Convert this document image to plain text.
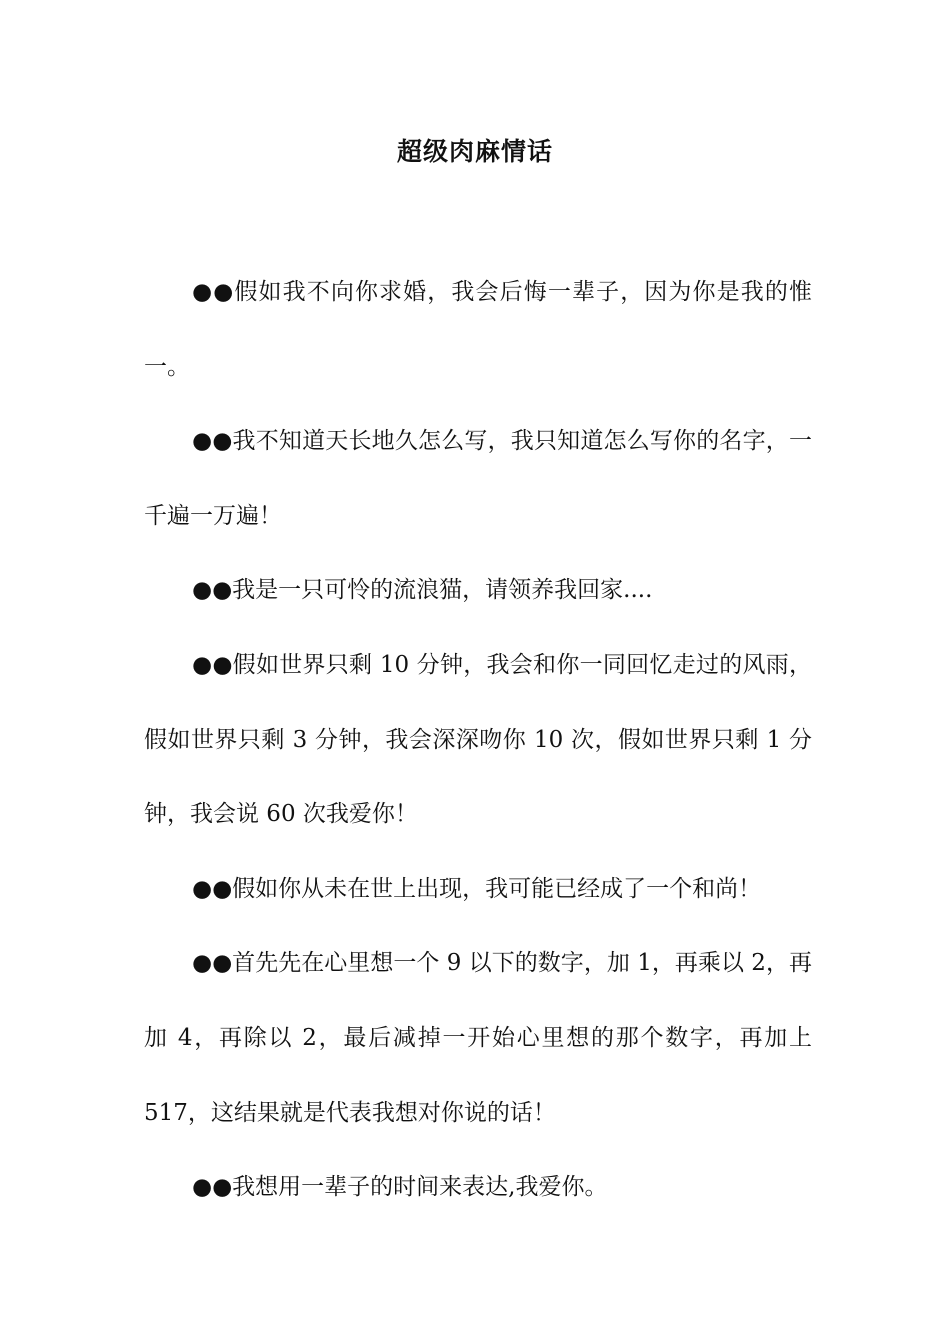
超级肉麻情话

●●假如我不向你求婚，我会后悔一辈子，因为你是我的惟一。

●●我不知道天长地久怎么写，我只知道怎么写你的名字，一千遍一万遍！

●●我是一只可怜的流浪猫，请领养我回家....

●●假如世界只剩 10 分钟，我会和你一同回忆走过的风雨，假如世界只剩 3 分钟，我会深深吻你 10 次，假如世界只剩 1 分钟，我会说 60 次我爱你！

●●假如你从未在世上出现，我可能已经成了一个和尚！

●●首先先在心里想一个 9 以下的数字，加 1，再乘以 2，再加 4，再除以 2，最后减掉一开始心里想的那个数字，再加上 517，这结果就是代表我想对你说的话！

●●我想用一辈子的时间来表达,我爱你。
